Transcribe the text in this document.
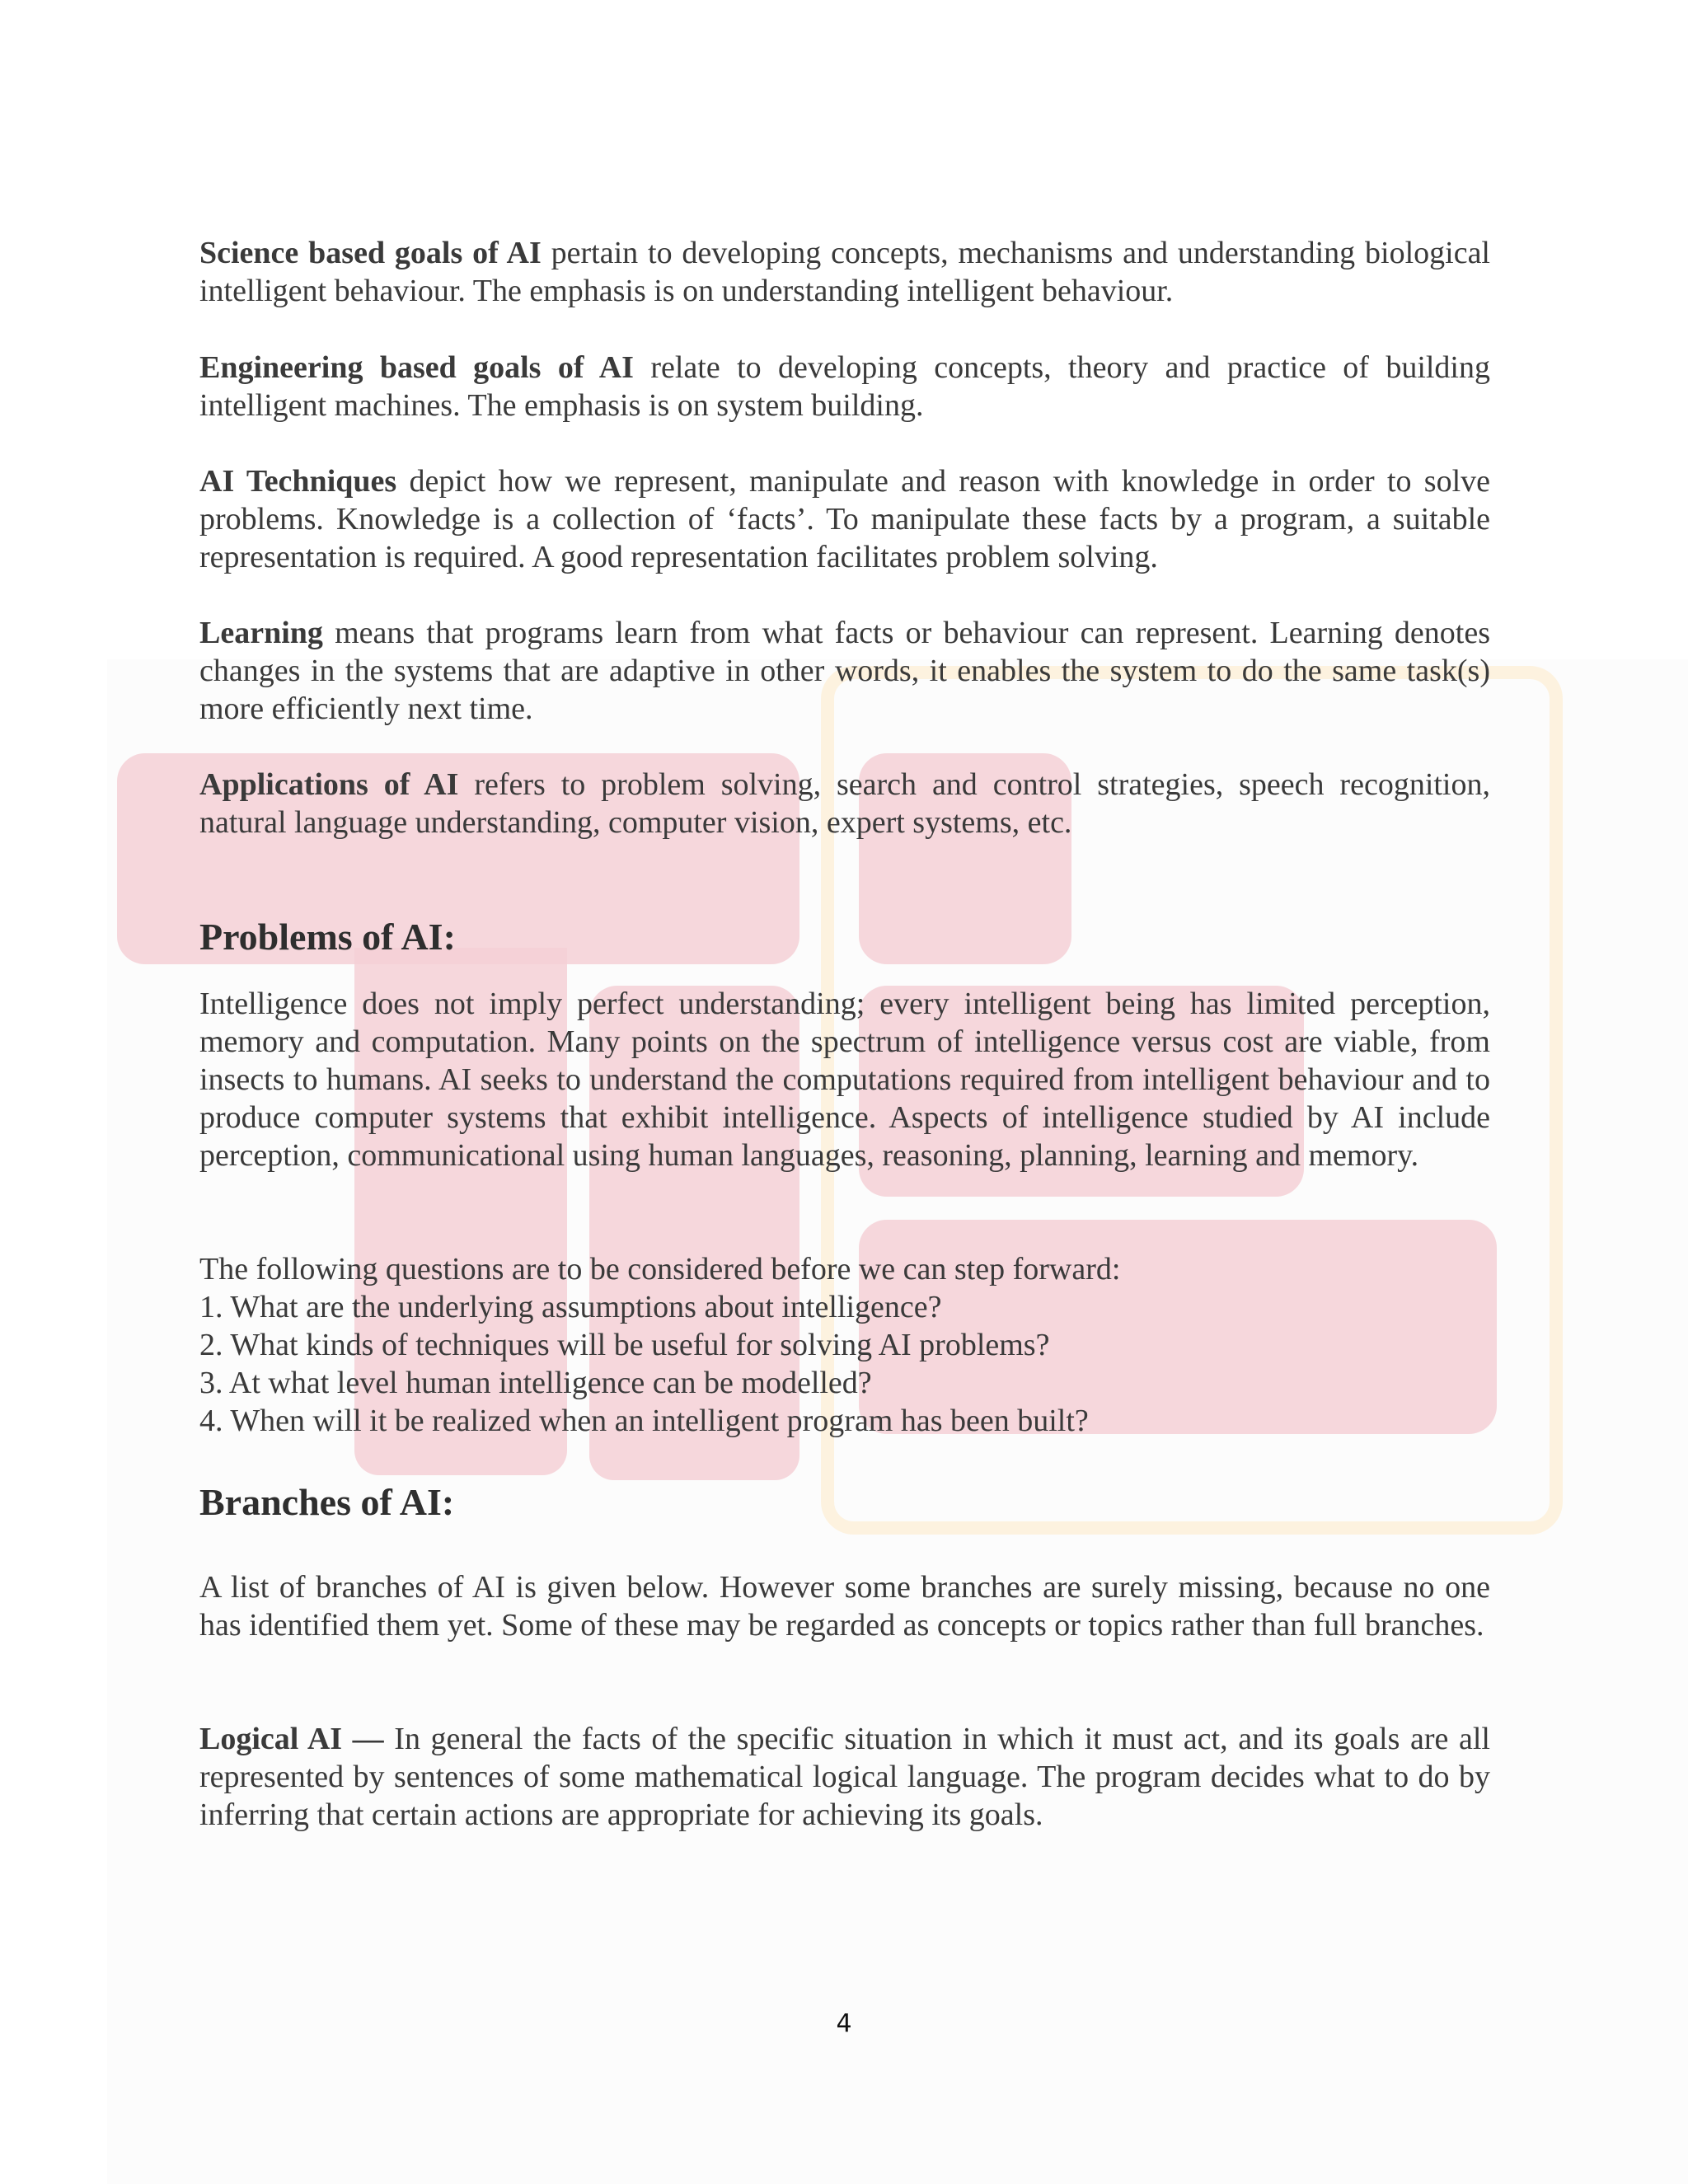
Science based goals of AI pertain to developing concepts, mechanisms and understanding biological intelligent behaviour. The emphasis is on understanding intelligent behaviour.

Engineering based goals of AI relate to developing concepts, theory and practice of building intelligent machines. The emphasis is on system building.

AI Techniques depict how we represent, manipulate and reason with knowledge in order to solve problems. Knowledge is a collection of ‘facts’. To manipulate these facts by a program, a suitable representation is required. A good representation facilitates problem solving.

Learning means that programs learn from what facts or behaviour can represent. Learning denotes changes in the systems that are adaptive in other words, it enables the system to do the same task(s) more efficiently next time.

Applications of AI refers to problem solving, search and control strategies, speech recognition, natural language understanding, computer vision, expert systems, etc.

Problems of AI:

Intelligence does not imply perfect understanding; every intelligent being has limited perception, memory and computation. Many points on the spectrum of intelligence versus cost are viable, from insects to humans. AI seeks to understand the computations required from intelligent behaviour and to produce computer systems that exhibit intelligence. Aspects of intelligence studied by AI include perception, communicational using human languages, reasoning, planning, learning and memory.

The following questions are to be considered before we can step forward:

1. What are the underlying assumptions about intelligence?

2. What kinds of techniques will be useful for solving AI problems?

3. At what level human intelligence can be modelled?

4. When will it be realized when an intelligent program has been built?

Branches of AI:

A list of branches of AI is given below. However some branches are surely missing, because no one has identified them yet. Some of these may be regarded as concepts or topics rather than full branches.

Logical AI — In general the facts of the specific situation in which it must act, and its goals are all represented by sentences of some mathematical logical language. The program decides what to do by inferring that certain actions are appropriate for achieving its goals.

4
